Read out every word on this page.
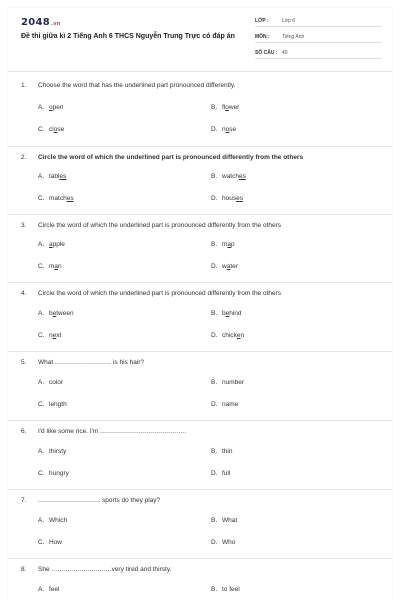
2048.vn
Đề thi giữa kì 2 Tiếng Anh 6 THCS Nguyễn Trung Trực có đáp án
LỚP :	Lớp 6
MÔN : Tiếng Anh
SỐ CÂU : 40
1. Choose the word that has the underlined part pronounced differently.
A. open	B. flower
C. close	D. nose
2. Circle the word of which the underlined part is pronounced differently from the others
A. tables	B. watches
C. matches	D. houses
3. Circle the word of which the underlined part is pronounced differently from the others
A. apple	B. map
C. man	D. water
4. Circle the word of which the underlined part is pronounced differently from the others
A. between	B. behind
C. next	D. chicken
5. What ............................ is his hair?
A. color	B. number
C. length	D. name
6. I'd like some rice. I'm ...........................................
A. thirsty	B. thin
C. hungry	D. full
7. ............................... sports do they play?
A. Which	B. What
C. How	D. Who
8. She ..............................very tired and thirsty.
A. feel	B. to feel
